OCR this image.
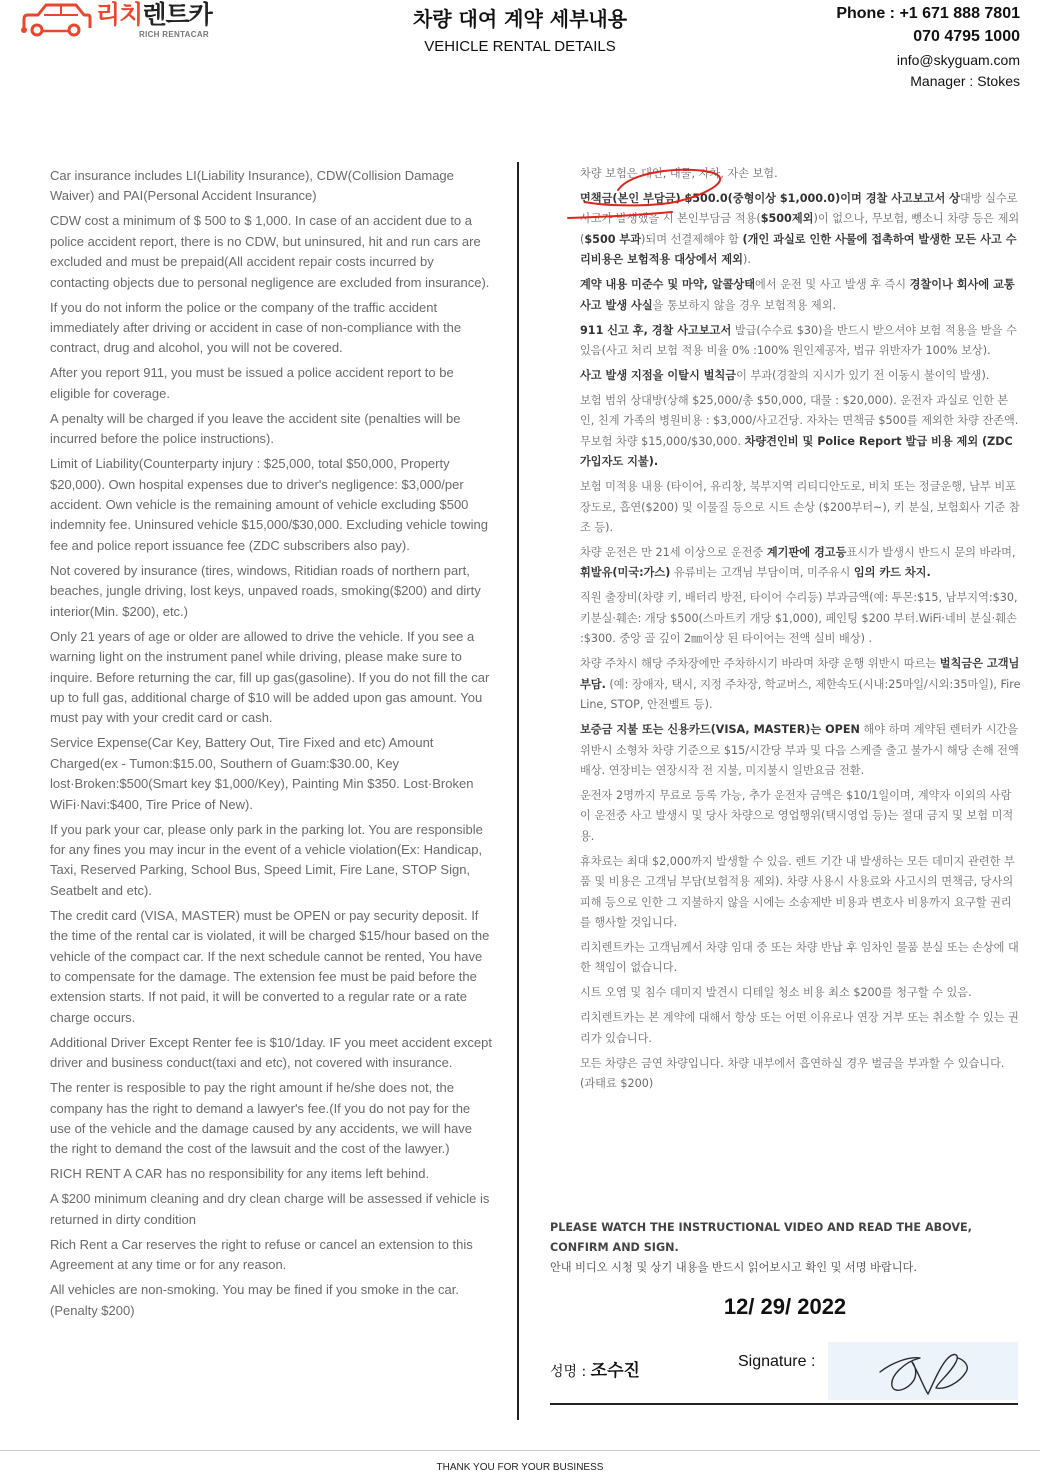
리치렌트카
RICH RENTACAR
차량 대여 계약 세부내용
VEHICLE RENTAL DETAILS
Phone : +1 671 888 7801
070 4795 1000
info@skyguam.com
Manager : Stokes

Car insurance includes LI(Liability Insurance), CDW(Collision Damage Waiver) and PAI(Personal Accident Insurance)

CDW cost a minimum of $ 500 to $ 1,000. In case of an accident due to a police accident report, there is no CDW, but uninsured, hit and run cars are excluded and must be prepaid(All accident repair costs incurred by contacting objects due to personal negligence are excluded from insurance).

If you do not inform the police or the company of the traffic accident immediately after driving or accident in case of non-compliance with the contract, drug and alcohol, you will not be covered.

After you report 911, you must be issued a police accident report to be eligible for coverage.

A penalty will be charged if you leave the accident site (penalties will be incurred before the police instructions).

Limit of Liability(Counterparty injury : $25,000, total $50,000, Property $20,000). Own hospital expenses due to driver's negligence: $3,000/per accident. Own vehicle is the remaining amount of vehicle excluding $500 indemnity fee. Uninsured vehicle $15,000/$30,000. Excluding vehicle towing fee and police report issuance fee (ZDC subscribers also pay).

Not covered by insurance (tires, windows, Ritidian roads of northern part, beaches, jungle driving, lost keys, unpaved roads, smoking($200) and dirty interior(Min. $200), etc.)

Only 21 years of age or older are allowed to drive the vehicle. If you see a warning light on the instrument panel while driving, please make sure to inquire. Before returning the car, fill up gas(gasoline). If you do not fill the car up to full gas, additional charge of $10 will be added upon gas amount. You must pay with your credit card or cash.

Service Expense(Car Key, Battery Out, Tire Fixed and etc) Amount Charged(ex - Tumon:$15.00, Southern of Guam:$30.00, Key lost·Broken:$500(Smart key $1,000/Key), Painting Min $350. Lost·Broken WiFi·Navi:$400, Tire Price of New).

If you park your car, please only park in the parking lot. You are responsible for any fines you may incur in the event of a vehicle violation(Ex: Handicap, Taxi, Reserved Parking, School Bus, Speed Limit, Fire Lane, STOP Sign, Seatbelt and etc).

The credit card (VISA, MASTER) must be OPEN or pay security deposit. If the time of the rental car is violated, it will be charged $15/hour based on the vehicle of the compact car. If the next schedule cannot be rented, You have to compensate for the damage. The extension fee must be paid before the extension starts. If not paid, it will be converted to a regular rate or a rate charge occurs.

Additional Driver Except Renter fee is $10/1day. IF you meet accident except driver and business conduct(taxi and etc), not covered with insurance.

The renter is resposible to pay the right amount if he/she does not, the company has the right to demand a lawyer's fee.(If you do not pay for the use of the vehicle and the damage caused by any accidents, we will have the right to demand the cost of the lawsuit and the cost of the lawyer.)

RICH RENT A CAR has no responsibility for any items left behind.

A $200 minimum cleaning and dry clean charge will be assessed if vehicle is returned in dirty condition

Rich Rent a Car reserves the right to refuse or cancel an extension to this Agreement at any time or for any reason.

All vehicles are non-smoking. You may be fined if you smoke in the car. (Penalty $200)

차량 보험은 대인, 대물, 자차, 자손 보험.

면책금(본인 부담금) $500.0(중형이상 $1,000.0)이며 경찰 사고보고서 상대방 실수로 사고가 발생했을 시 본인부담금 적용($500제외)이 없으나, 무보험, 뺑소니 차량 등은 제외($500 부과)되며 선결제해야 함 (개인 과실로 인한 사물에 접촉하여 발생한 모든 사고 수리비용은 보험적용 대상에서 제외).

계약 내용 미준수 및 마약, 알콜상태에서 운전 및 사고 발생 후 즉시 경찰이나 회사에 교통 사고 발생 사실을 통보하지 않을 경우 보험적용 제외.

911 신고 후, 경찰 사고보고서 발급(수수료 $30)을 반드시 받으셔야 보험 적용을 받을 수 있음(사고 처리 보험 적용 비율 0% :100% 원인제공자, 법규 위반자가 100% 보상).

사고 발생 지점을 이탈시 벌칙금이 부과(경찰의 지시가 있기 전 이동시 불이익 발생).

보험 범위 상대방(상해 $25,000/총 $50,000, 대물 : $20,000). 운전자 과실로 인한 본인, 친계 가족의 병원비용 : $3,000/사고건당. 자차는 면책금 $500를 제외한 차량 잔존액. 무보험 차량 $15,000/$30,000. 차량견인비 및 Police Report 발급 비용 제외 (ZDC 가입자도 지불).

보험 미적용 내용 (타이어, 유리창, 북부지역 리티디안도로, 비치 또는 정글운행, 남부 비포장도로, 흡연($200) 및 이물질 등으로 시트 손상 ($200부터~), 키 분실, 보험회사 기준 참조 등).

차량 운전은 만 21세 이상으로 운전중 계기판에 경고등표시가 발생시 반드시 문의 바라며, 휘발유(미국:가스) 유류비는 고객님 부담이며, 미주유시 임의 카드 차지.

직원 출장비(차량 키, 배터리 방전, 타이어 수리등) 부과금액(예: 투몬:$15, 남부지역:$30, 키분실·훼손: 개당 $500(스마트키 개당 $1,000), 페인팅 $200 부터.WiFi·네비 분실·훼손 :$300. 중앙 골 깊이 2㎜이상 된 타이어는 전액 실비 배상) .

차량 주차시 해당 주차장에만 주차하시기 바라며 차량 운행 위반시 따르는 벌칙금은 고객님 부담. (예: 장애자, 택시, 지정 주차장, 학교버스, 제한속도(시내:25마일/시외:35마일), Fire Line, STOP, 안전벨트 등).

보증금 지불 또는 신용카드(VISA, MASTER)는 OPEN 해야 하며 계약된 렌터카 시간을 위반시 소형차 차량 기준으로 $15/시간당 부과 및 다음 스케줄 출고 불가시 해당 손해 전액 배상. 연장비는 연장시작 전 지불, 미지불시 일반요금 전환.

운전자 2명까지 무료로 등록 가능, 추가 운전자 금액은 $10/1일이며, 계약자 이외의 사람이 운전중 사고 발생시 및 당사 차량으로 영업행위(택시영업 등)는 절대 금지 및 보험 미적용.

휴차료는 최대 $2,000까지 발생할 수 있음. 렌트 기간 내 발생하는 모든 데미지 관련한 부품 및 비용은 고객님 부담(보험적용 제외). 차량 사용시 사용료와 사고시의 면책금, 당사의 피해 등으로 인한 그 지불하지 않을 시에는 소송제반 비용과 변호사 비용까지 요구할 권리를 행사할 것입니다.

리치렌트카는 고객님께서 차량 임대 중 또는 차량 반납 후 임차인 물품 분실 또는 손상에 대한 책임이 없습니다.

시트 오염 및 침수 데미지 발견시 디테일 청소 비용 최소 $200를 청구할 수 있음.

리치렌트카는 본 계약에 대해서 항상 또는 어떤 이유로나 연장 거부 또는 취소할 수 있는 권리가 있습니다.

모든 차량은 금연 차량입니다. 차량 내부에서 흡연하실 경우 벌금을 부과할 수 있습니다. (과태료 $200)

PLEASE WATCH THE INSTRUCTIONAL VIDEO AND READ THE ABOVE,
CONFIRM AND SIGN.
안내 비디오 시청 및 상기 내용을 반드시 읽어보시고 확인 및 서명 바랍니다.
12/ 29/ 2022
성명 : 조수진	Signature :
THANK YOU FOR YOUR BUSINESS
